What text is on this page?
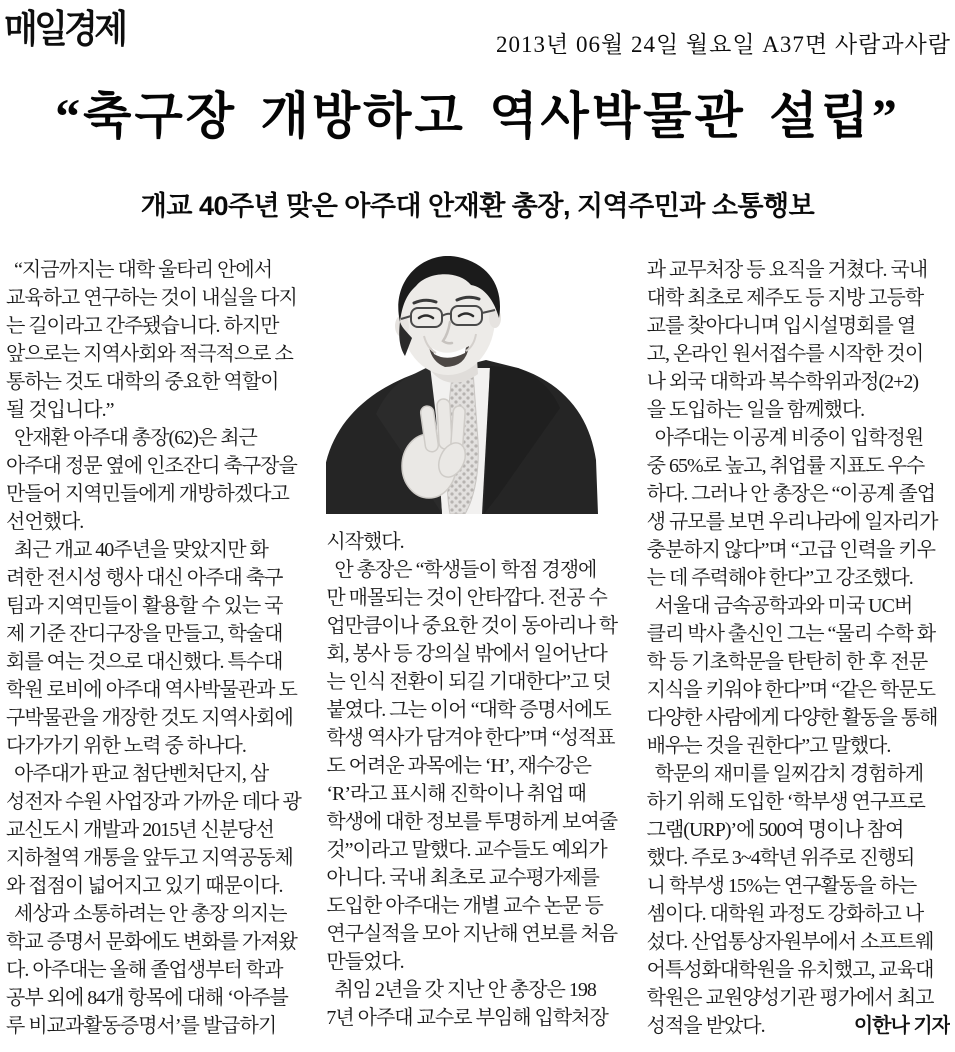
매일경제	2013년 06월 24일 월요일 A37면 사람과사람
“축구장 개방하고 역사박물관 설립”
개교 40주년 맞은 아주대 안재환 총장, 지역주민과 소통행보
“지금까지는 대학 울타리 안에서
교육하고 연구하는 것이 내실을 다지
는 길이라고 간주됐습니다. 하지만
앞으로는 지역사회와 적극적으로 소
통하는 것도 대학의 중요한 역할이
될 것입니다.”
안재환 아주대 총장(62)은 최근
아주대 정문 옆에 인조잔디 축구장을
만들어 지역민들에게 개방하겠다고
선언했다.
최근 개교 40주년을 맞았지만 화
려한 전시성 행사 대신 아주대 축구
팀과 지역민들이 활용할 수 있는 국
제 기준 잔디구장을 만들고, 학술대
회를 여는 것으로 대신했다. 특수대
학원 로비에 아주대 역사박물관과 도
구박물관을 개장한 것도 지역사회에
다가가기 위한 노력 중 하나다.
아주대가 판교 첨단벤처단지, 삼
성전자 수원 사업장과 가까운 데다 광
교신도시 개발과 2015년 신분당선
지하철역 개통을 앞두고 지역공동체
와 접점이 넓어지고 있기 때문이다.
세상과 소통하려는 안 총장 의지는
학교 증명서 문화에도 변화를 가져왔
다. 아주대는 올해 졸업생부터 학과
공부 외에 84개 항목에 대해 ‘아주블
루 비교과활동증명서’를 발급하기
시작했다.
안 총장은 “학생들이 학점 경쟁에
만 매몰되는 것이 안타깝다. 전공 수
업만큼이나 중요한 것이 동아리나 학
회, 봉사 등 강의실 밖에서 일어난다
는 인식 전환이 되길 기대한다”고 덧
붙였다. 그는 이어 “대학 증명서에도
학생 역사가 담겨야 한다”며 “성적표
도 어려운 과목에는 ‘H’, 재수강은
‘R’라고 표시해 진학이나 취업 때
학생에 대한 정보를 투명하게 보여줄
것”이라고 말했다. 교수들도 예외가
아니다. 국내 최초로 교수평가제를
도입한 아주대는 개별 교수 논문 등
연구실적을 모아 지난해 연보를 처음
만들었다.
취임 2년을 갓 지난 안 총장은 198
7년 아주대 교수로 부임해 입학처장
과 교무처장 등 요직을 거쳤다. 국내
대학 최초로 제주도 등 지방 고등학
교를 찾아다니며 입시설명회를 열
고, 온라인 원서접수를 시작한 것이
나 외국 대학과 복수학위과정(2+2)
을 도입하는 일을 함께했다.
아주대는 이공계 비중이 입학정원
중 65%로 높고, 취업률 지표도 우수
하다. 그러나 안 총장은 “이공계 졸업
생 규모를 보면 우리나라에 일자리가
충분하지 않다”며 “고급 인력을 키우
는 데 주력해야 한다”고 강조했다.
서울대 금속공학과와 미국 UC버
클리 박사 출신인 그는 “물리 수학 화
학 등 기초학문을 탄탄히 한 후 전문
지식을 키워야 한다”며 “같은 학문도
다양한 사람에게 다양한 활동을 통해
배우는 것을 권한다”고 말했다.
학문의 재미를 일찌감치 경험하게
하기 위해 도입한 ‘학부생 연구프로
그램(URP)’에 500여 명이나 참여
했다. 주로 3~4학년 위주로 진행되
니 학부생 15%는 연구활동을 하는
셈이다. 대학원 과정도 강화하고 나
섰다. 산업통상자원부에서 소프트웨
어특성화대학원을 유치했고, 교육대
학원은 교원양성기관 평가에서 최고
성적을 받았다.	이한나 기자
